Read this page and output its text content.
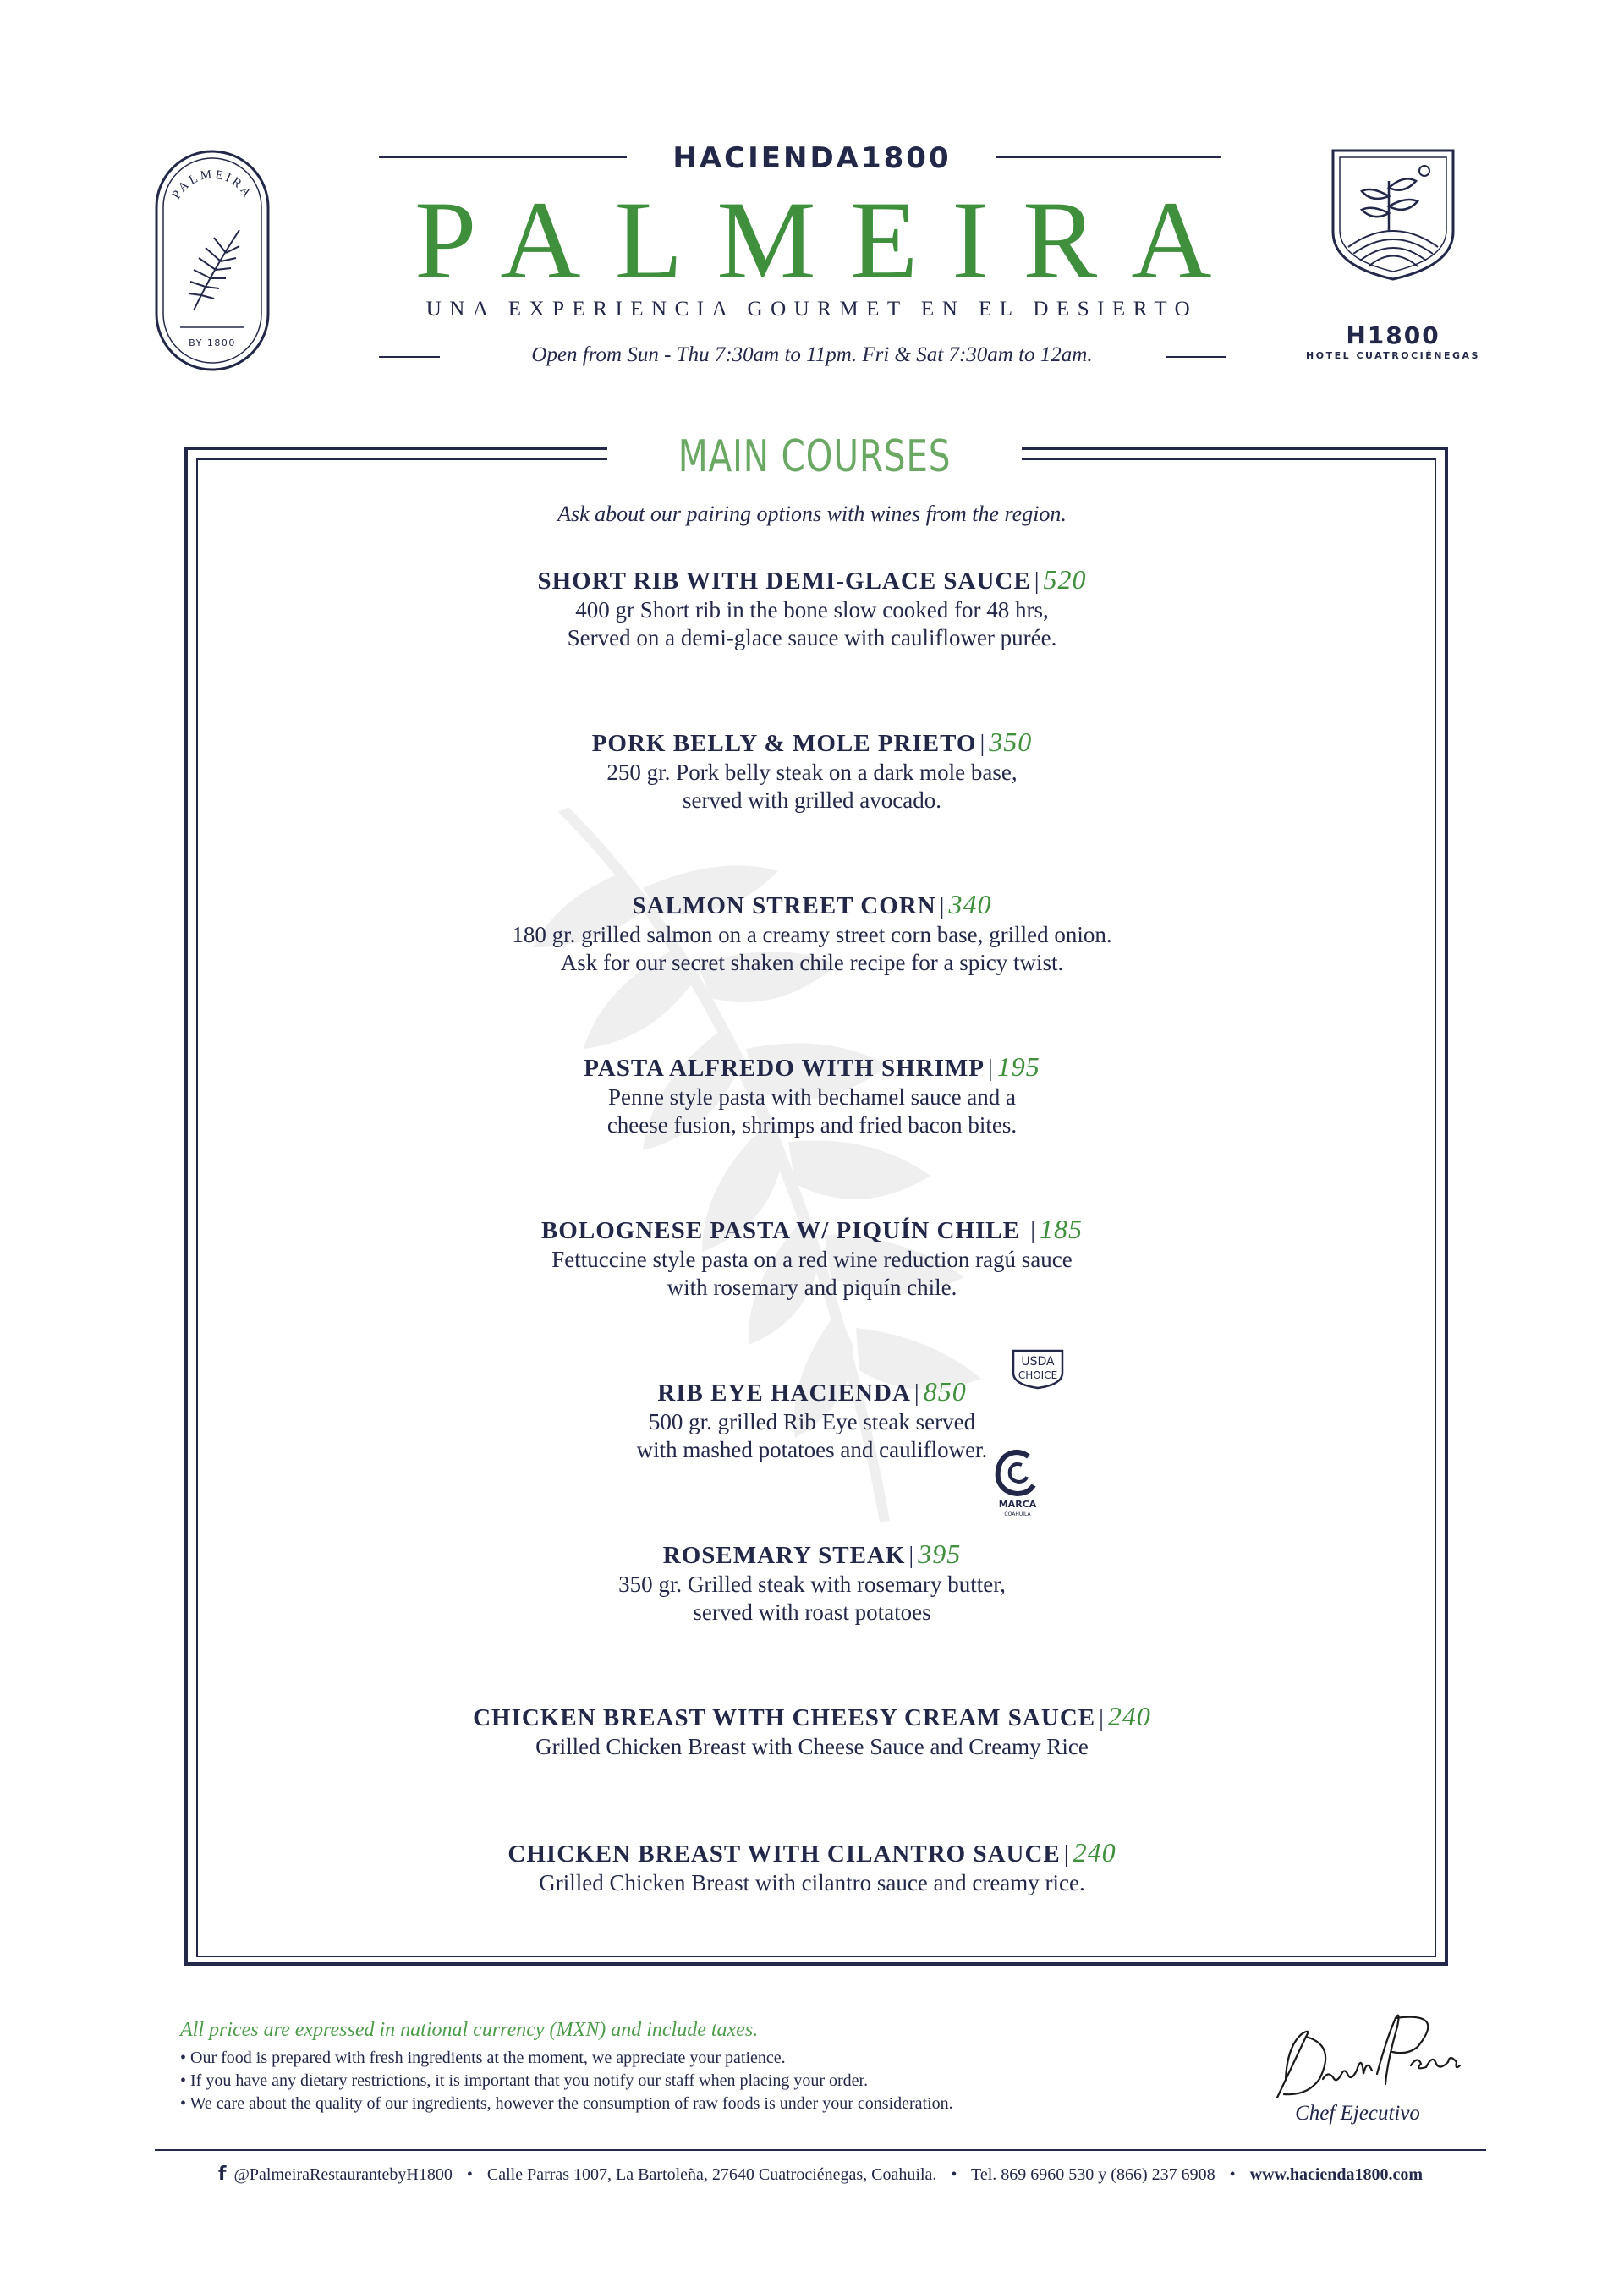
PALMEIRA
BY 1800
HACIENDA1800
PALMEIRA
UNA EXPERIENCIA GOURMET EN EL DESIERTO
Open from Sun - Thu 7:30am to 11pm. Fri & Sat 7:30am to 12am.
H1800
HOTEL CUATROCIÉNEGAS
MAIN COURSES
Ask about our pairing options with wines from the region.
SHORT RIB WITH DEMI-GLACE SAUCE | 520
400 gr Short rib in the bone slow cooked for 48 hrs,
Served on a demi-glace sauce with cauliflower purée.
PORK BELLY & MOLE PRIETO | 350
250 gr. Pork belly steak on a dark mole base,
served with grilled avocado.
SALMON STREET CORN | 340
180 gr. grilled salmon on a creamy street corn base, grilled onion.
Ask for our secret shaken chile recipe for a spicy twist.
PASTA ALFREDO WITH SHRIMP | 195
Penne style pasta with bechamel sauce and a
cheese fusion, shrimps and fried bacon bites.
BOLOGNESE PASTA W/ PIQUÍN CHILE | 185
Fettuccine style pasta on a red wine reduction ragú sauce
with rosemary and piquín chile.
RIB EYE HACIENDA | 850
500 gr. grilled Rib Eye steak served
with mashed potatoes and cauliflower.
USDA
CHOICE
MARCA
COAHUILA
ROSEMARY STEAK | 395
350 gr. Grilled steak with rosemary butter,
served with roast potatoes
CHICKEN BREAST WITH CHEESY CREAM SAUCE | 240
Grilled Chicken Breast with Cheese Sauce and Creamy Rice
CHICKEN BREAST WITH CILANTRO SAUCE | 240
Grilled Chicken Breast with cilantro sauce and creamy rice.
All prices are expressed in national currency (MXN) and include taxes.
• Our food is prepared with fresh ingredients at the moment, we appreciate your patience.
• If you have any dietary restrictions, it is important that you notify our staff when placing your order.
• We care about the quality of our ingredients, however the consumption of raw foods is under your consideration.	Chef Ejecutivo
f @PalmeiraRestaurantebyH1800 • Calle Parras 1007, La Bartoleña, 27640 Cuatrociénegas, Coahuila. • Tel. 869 6960 530 y (866) 237 6908 • www.hacienda1800.com
